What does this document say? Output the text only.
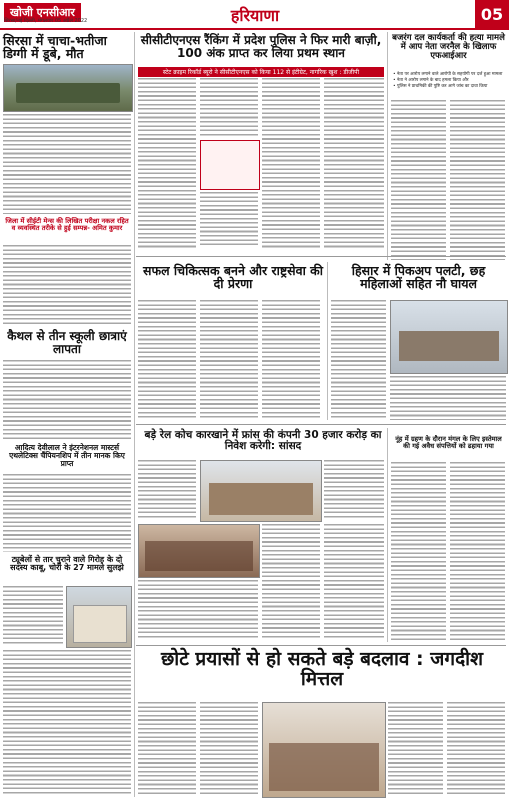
खोजी एनसीआर
सिरसा/नई दिल्ली, मंगलवार 05 अप्रैल 2022	हरियाणा	05
सिरसा में चाचा-भतीजा डिग्गी में डूबे, मौत
जिला में सीईटी मेन्स की लिखित परीक्षा नकल रहित व व्यवस्थित तरीके से हुई सम्पन्न- अमित कुमार
कैथल से तीन स्कूली छात्राएं लापता
आदित्य देवीलाल ने इंटरनेशनल मास्टर्स एथलेटिक्स चैंपियनशिप में तीन मानक किए प्राप्त
ट्यूबेलों से तार चुराने वाले गिरोह के दो सदस्य काबू, चोरी के 27 मामले सुलझे
सीसीटीएनएस रैंकिंग में प्रदेश पुलिस ने फिर मारी बाज़ी, 100 अंक प्राप्त कर लिया प्रथम स्थान
स्टेट क्राइम रिकॉर्ड ब्यूरो ने सीसीटीएनएस को किया 112 से इंटीग्रेट, नागरिक खुश : डीजीपी
बजरंग दल कार्यकर्ता की हत्या मामले में आप नेता जरनैल के खिलाफ एफआईआर
• नेता पर आरोप लगाने वाले आरोपी के सहयोगी पर दर्ज हुआ मामला
• नेता ने आरोप लगाने के बाद हमला किया और
• पुलिस ने प्राथमिकी की पुष्टि कर आगे जांच का दावा किया
सफल चिकित्सक बनने और राष्ट्रसेवा की दी प्रेरणा
हिसार में पिकअप पलटी, छह महिलाओं सहित नौ घायल
बड़े रेल कोच कारखाने में फ्रांस की कंपनी 30 हजार करोड़ का निवेश करेगी: सांसद
नूंह में ग्रहण के दौरान मंगल के लिए इस्तेमाल की गई अवैध संपत्तियों को ढहाया गया
छोटे प्रयासों से हो सकते बड़े बदलाव : जगदीश मित्तल
